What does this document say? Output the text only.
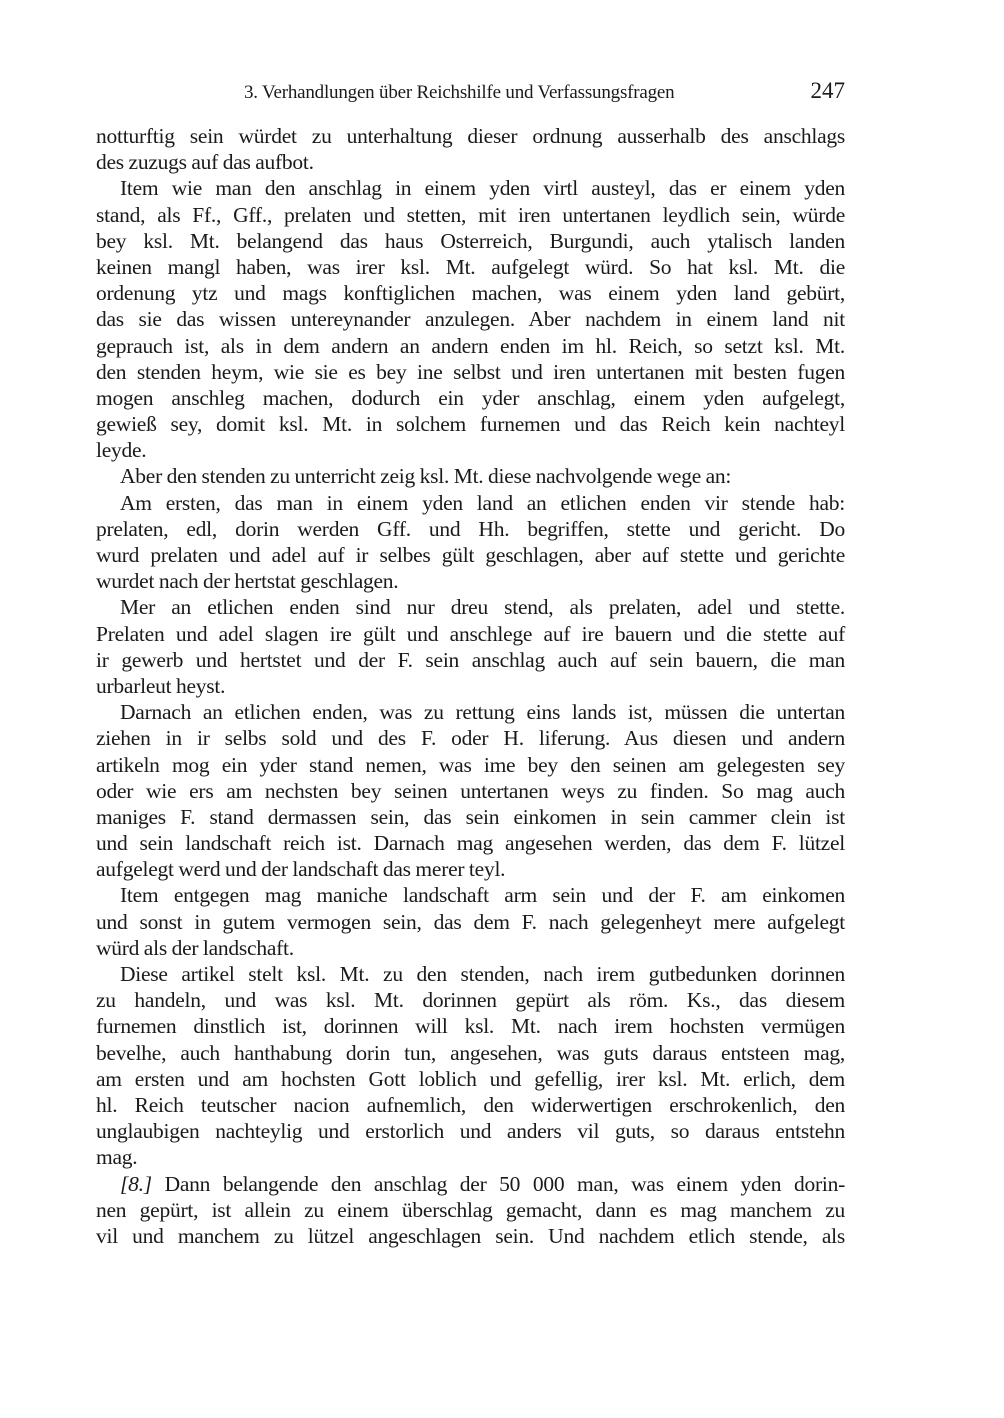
3. Verhandlungen über Reichshilfe und Verfassungsfragen	247
notturftig sein würdet zu unterhaltung dieser ordnung ausserhalb des anschlags
des zuzugs auf das aufbot.
Item wie man den anschlag in einem yden virtl austeyl, das er einem yden
stand, als Ff., Gff., prelaten und stetten, mit iren untertanen leydlich sein, würde
bey ksl. Mt. belangend das haus Osterreich, Burgundi, auch ytalisch landen
keinen mangl haben, was irer ksl. Mt. aufgelegt würd. So hat ksl. Mt. die
ordenung ytz und mags konftiglichen machen, was einem yden land gebürt,
das sie das wissen untereynander anzulegen. Aber nachdem in einem land nit
geprauch ist, als in dem andern an andern enden im hl. Reich, so setzt ksl. Mt.
den stenden heym, wie sie es bey ine selbst und iren untertanen mit besten fugen
mogen anschleg machen, dodurch ein yder anschlag, einem yden aufgelegt,
gewieß sey, domit ksl. Mt. in solchem furnemen und das Reich kein nachteyl
leyde.
Aber den stenden zu unterricht zeig ksl. Mt. diese nachvolgende wege an:
Am ersten, das man in einem yden land an etlichen enden vir stende hab:
prelaten, edl, dorin werden Gff. und Hh. begriffen, stette und gericht. Do
wurd prelaten und adel auf ir selbes gült geschlagen, aber auf stette und gerichte
wurdet nach der hertstat geschlagen.
Mer an etlichen enden sind nur dreu stend, als prelaten, adel und stette.
Prelaten und adel slagen ire gült und anschlege auf ire bauern und die stette auf
ir gewerb und hertstet und der F. sein anschlag auch auf sein bauern, die man
urbarleut heyst.
Darnach an etlichen enden, was zu rettung eins lands ist, müssen die untertan
ziehen in ir selbs sold und des F. oder H. liferung. Aus diesen und andern
artikeln mog ein yder stand nemen, was ime bey den seinen am gelegesten sey
oder wie ers am nechsten bey seinen untertanen weys zu finden. So mag auch
maniges F. stand dermassen sein, das sein einkomen in sein cammer clein ist
und sein landschaft reich ist. Darnach mag angesehen werden, das dem F. lützel
aufgelegt werd und der landschaft das merer teyl.
Item entgegen mag maniche landschaft arm sein und der F. am einkomen
und sonst in gutem vermogen sein, das dem F. nach gelegenheyt mere aufgelegt
würd als der landschaft.
Diese artikel stelt ksl. Mt. zu den stenden, nach irem gutbedunken dorinnen
zu handeln, und was ksl. Mt. dorinnen gepürt als röm. Ks., das diesem
furnemen dinstlich ist, dorinnen will ksl. Mt. nach irem hochsten vermügen
bevelhe, auch hanthabung dorin tun, angesehen, was guts daraus entsteen mag,
am ersten und am hochsten Gott loblich und gefellig, irer ksl. Mt. erlich, dem
hl. Reich teutscher nacion aufnemlich, den widerwertigen erschrokenlich, den
unglaubigen nachteylig und erstorlich und anders vil guts, so daraus entstehn
mag.
[8.] Dann belangende den anschlag der 50 000 man, was einem yden dorin-
nen gepürt, ist allein zu einem überschlag gemacht, dann es mag manchem zu
vil und manchem zu lützel angeschlagen sein. Und nachdem etlich stende, als
